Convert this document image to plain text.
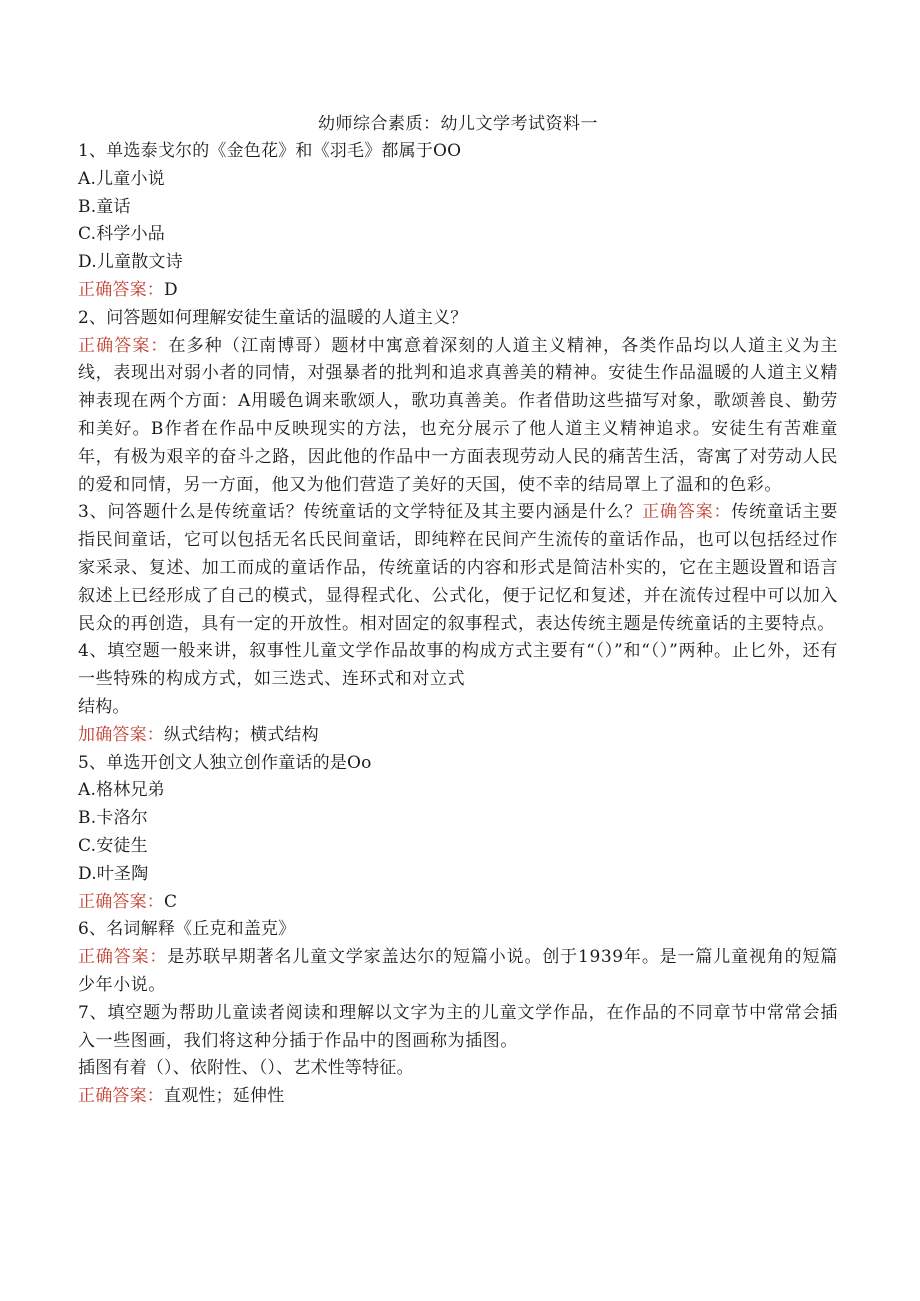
幼师综合素质：幼儿文学考试资料一
1、单选泰戈尔的《金色花》和《羽毛》都属于OO
A.儿童小说
B.童话
C.科学小品
D.儿童散文诗
正确答案：D
2、问答题如何理解安徒生童话的温暖的人道主义？
正确答案：在多种（江南博哥）题材中寓意着深刻的人道主义精神，各类作品均以人道主义为主线，表现出对弱小者的同情，对强暴者的批判和追求真善美的精神。安徒生作品温暖的人道主义精神表现在两个方面：A用暖色调来歌颂人，歌功真善美。作者借助这些描写对象，歌颂善良、勤劳和美好。B作者在作品中反映现实的方法，也充分展示了他人道主义精神追求。安徒生有苦难童年，有极为艰辛的奋斗之路，因此他的作品中一方面表现劳动人民的痛苦生活，寄寓了对劳动人民的爱和同情，另一方面，他又为他们营造了美好的天国，使不幸的结局罩上了温和的色彩。
3、问答题什么是传统童话？传统童话的文学特征及其主要内涵是什么？正确答案：传统童话主要指民间童话，它可以包括无名氏民间童话，即纯粹在民间产生流传的童话作品，也可以包括经过作家采录、复述、加工而成的童话作品，传统童话的内容和形式是简洁朴实的，它在主题设置和语言叙述上已经形成了自己的模式，显得程式化、公式化，便于记忆和复述，并在流传过程中可以加入民众的再创造，具有一定的开放性。相对固定的叙事程式，表达传统主题是传统童话的主要特点。
4、填空题一般来讲，叙事性儿童文学作品故事的构成方式主要有“（）”和“（）”两种。止匕外，还有一些特殊的构成方式，如三迭式、连环式和对立式
结构。
加确答案：纵式结构；横式结构
5、单选开创文人独立创作童话的是Oo
A.格林兄弟
B.卡洛尔
C.安徒生
D.叶圣陶
正确答案：C
6、名词解释《丘克和盖克》
正确答案：是苏联早期著名儿童文学家盖达尔的短篇小说。创于1939年。是一篇儿童视角的短篇少年小说。
7、填空题为帮助儿童读者阅读和理解以文字为主的儿童文学作品，在作品的不同章节中常常会插入一些图画，我们将这种分插于作品中的图画称为插图。
插图有着（）、依附性、（）、艺术性等特征。
正确答案：直观性；延伸性
